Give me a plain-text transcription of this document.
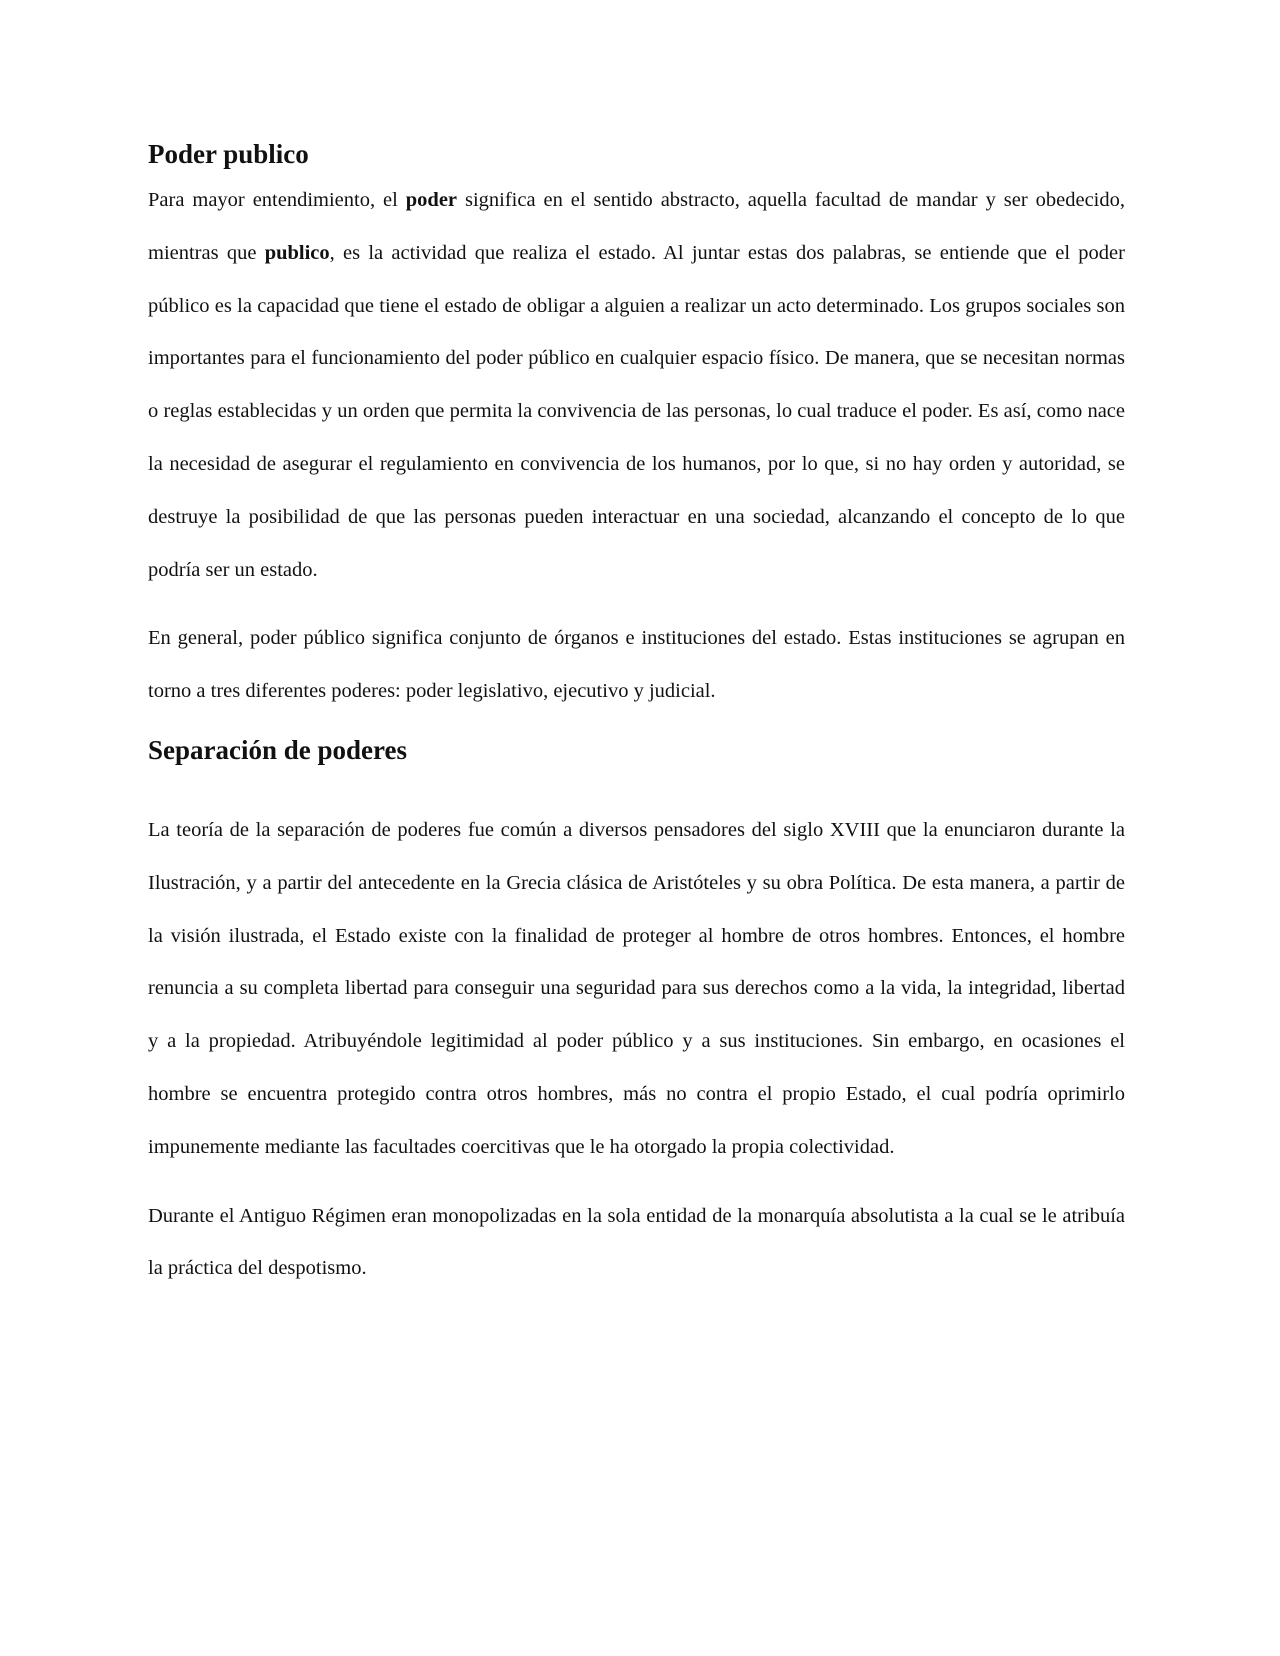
Poder publico

Para mayor entendimiento, el poder significa en el sentido abstracto, aquella facultad de mandar y ser obedecido, mientras que publico, es la actividad que realiza el estado. Al juntar estas dos palabras, se entiende que el poder público es la capacidad que tiene el estado de obligar a alguien a realizar un acto determinado. Los grupos sociales son importantes para el funcionamiento del poder público en cualquier espacio físico. De manera, que se necesitan normas o reglas establecidas y un orden que permita la convivencia de las personas, lo cual traduce el poder. Es así, como nace la necesidad de asegurar el regulamiento en convivencia de los humanos, por lo que, si no hay orden y autoridad, se destruye la posibilidad de que las personas pueden interactuar en una sociedad, alcanzando el concepto de lo que podría ser un estado.

En general, poder público significa conjunto de órganos e instituciones del estado. Estas instituciones se agrupan en torno a tres diferentes poderes: poder legislativo, ejecutivo y judicial.

Separación de poderes

La teoría de la separación de poderes fue común a diversos pensadores del siglo XVIII que la enunciaron durante la Ilustración, y a partir del antecedente en la Grecia clásica de Aristóteles y su obra Política. De esta manera, a partir de la visión ilustrada, el Estado existe con la finalidad de proteger al hombre de otros hombres. Entonces, el hombre renuncia a su completa libertad para conseguir una seguridad para sus derechos como a la vida, la integridad, libertad y a la propiedad. Atribuyéndole legitimidad al poder público y a sus instituciones. Sin embargo, en ocasiones el hombre se encuentra protegido contra otros hombres, más no contra el propio Estado, el cual podría oprimirlo impunemente mediante las facultades coercitivas que le ha otorgado la propia colectividad.

Durante el Antiguo Régimen eran monopolizadas en la sola entidad de la monarquía absolutista a la cual se le atribuía la práctica del despotismo.
